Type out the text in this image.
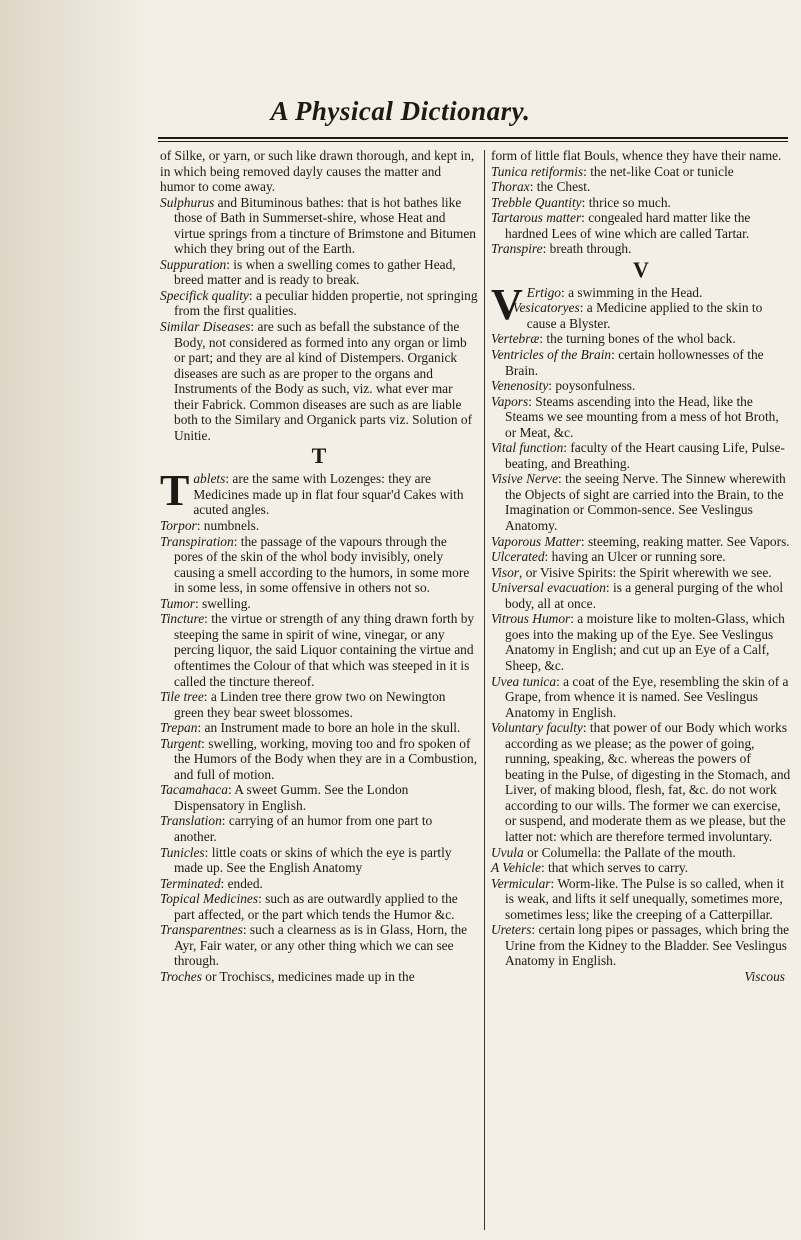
A Physical Dictionary.

of Silke, or yarn, or such like drawn thorough, and kept in, in which being removed dayly causes the matter and humor to come away.

Sulphurus and Bituminous bathes: that is hot bathes like those of Bath in Summerset-shire, whose Heat and virtue springs from a tincture of Brimstone and Bitumen which they bring out of the Earth.

Suppuration: is when a swelling comes to gather Head, breed matter and is ready to break.

Specifick quality: a peculiar hidden propertie, not springing from the first qualities.

Similar Diseases: are such as befall the substance of the Body, not considered as formed into any organ or limb or part; and they are al kind of Distempers. Organick diseases are such as are proper to the organs and Instruments of the Body as such, viz. what ever mar their Fabrick. Common diseases are such as are liable both to the Similary and Organick parts viz. Solution of Unitie.

T

Tablets: are the same with Lozenges: they are Medicines made up in flat four squar'd Cakes with acuted angles.

Torpor: numbnels.

Transpiration: the passage of the vapours through the pores of the skin of the whol body invisibly, onely causing a smell according to the humors, in some more in some less, in some offensive in others not so.

Tumor: swelling.

Tincture: the virtue or strength of any thing drawn forth by steeping the same in spirit of wine, vinegar, or any percing liquor, the said Liquor containing the virtue and oftentimes the Colour of that which was steeped in it is called the tincture thereof.

Tile tree: a Linden tree there grow two on Newington green they bear sweet blossomes.

Trepan: an Instrument made to bore an hole in the skull.

Turgent: swelling, working, moving too and fro spoken of the Humors of the Body when they are in a Combustion, and full of motion.

Tacamahaca: A sweet Gumm. See the London Dispensatory in English.

Translation: carrying of an humor from one part to another.

Tunicles: little coats or skins of which the eye is partly made up. See the English Anatomy

Terminated: ended.

Topical Medicines: such as are outwardly applied to the part affected, or the part which tends the Humor &c.

Transparentnes: such a clearness as is in Glass, Horn, the Ayr, Fair water, or any other thing which we can see through.

Troches or Trochiscs, medicines made up in the

form of little flat Bouls, whence they have their name.

Tunica retiformis: the net-like Coat or tunicle

Thorax: the Chest.

Trebble Quantity: thrice so much.

Tartarous matter: congealed hard matter like the hardned Lees of wine which are called Tartar.

Transpire: breath through.

V

V Ertigo: a swimming in the Head.

Vesicatoryes: a Medicine applied to the skin to cause a Blyster.

Vertebræ: the turning bones of the whol back.

Ventricles of the Brain: certain hollownesses of the Brain.

Venenosity: poysonfulness.

Vapors: Steams ascending into the Head, like the Steams we see mounting from a mess of hot Broth, or Meat, &c.

Vital function: faculty of the Heart causing Life, Pulse-beating, and Breathing.

Visive Nerve: the seeing Nerve. The Sinnew wherewith the Objects of sight are carried into the Brain, to the Imagination or Common-sence. See Veslingus Anatomy.

Vaporous Matter: steeming, reaking matter. See Vapors.

Ulcerated: having an Ulcer or running sore.

Visor, or Visive Spirits: the Spirit wherewith we see.

Universal evacuation: is a general purging of the whol body, all at once.

Vitrous Humor: a moisture like to molten-Glass, which goes into the making up of the Eye. See Veslingus Anatomy in English; and cut up an Eye of a Calf, Sheep, &c.

Uvea tunica: a coat of the Eye, resembling the skin of a Grape, from whence it is named. See Veslingus Anatomy in English.

Voluntary faculty: that power of our Body which works according as we please; as the power of going, running, speaking, &c. whereas the powers of beating in the Pulse, of digesting in the Stomach, and Liver, of making blood, flesh, fat, &c. do not work according to our wills. The former we can exercise, or suspend, and moderate them as we please, but the latter not: which are therefore termed involuntary.

Uvula or Columella: the Pallate of the mouth.

A Vehicle: that which serves to carry.

Vermicular: Worm-like. The Pulse is so called, when it is weak, and lifts it self unequally, sometimes more, sometimes less; like the creeping of a Catterpillar.

Ureters: certain long pipes or passages, which bring the Urine from the Kidney to the Bladder. See Veslingus Anatomy in English.

Viscous
